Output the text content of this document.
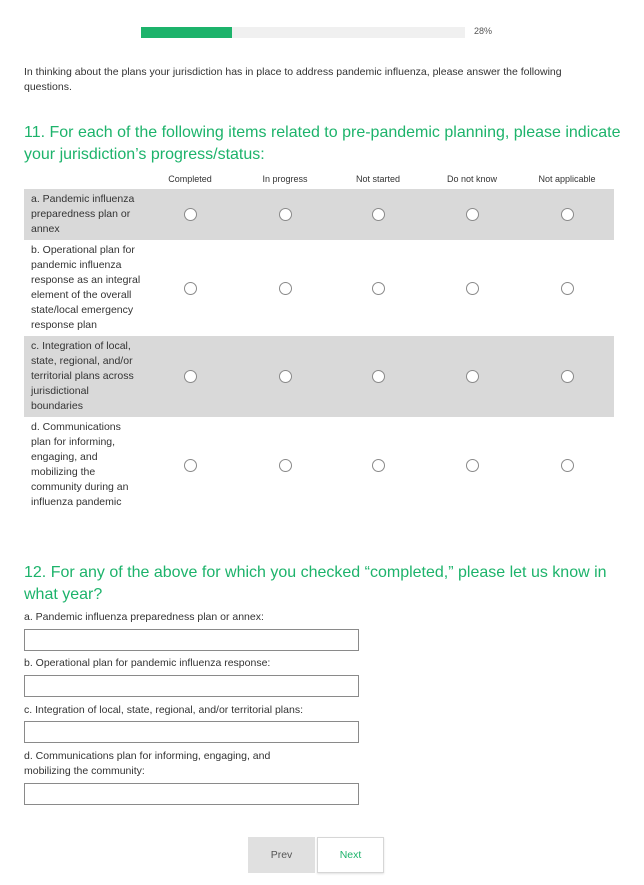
28%
In thinking about the plans your jurisdiction has in place to address pandemic influenza, please answer the following questions.
11. For each of the following items related to pre-pandemic planning, please indicate your jurisdiction’s progress/status:
Completed	In progress	Not started	Do not know	Not applicable
a. Pandemic influenza preparedness plan or annex
b. Operational plan for pandemic influenza response as an integral element of the overall state/local emergency response plan
c. Integration of local, state, regional, and/or territorial plans across jurisdictional boundaries
d. Communications plan for informing, engaging, and mobilizing the community during an influenza pandemic
12. For any of the above for which you checked “completed,” please let us know in what year?
a. Pandemic influenza preparedness plan or annex:
b. Operational plan for pandemic influenza response:
c. Integration of local, state, regional, and/or territorial plans:
d. Communications plan for informing, engaging, and mobilizing the community:
Prev	Next
